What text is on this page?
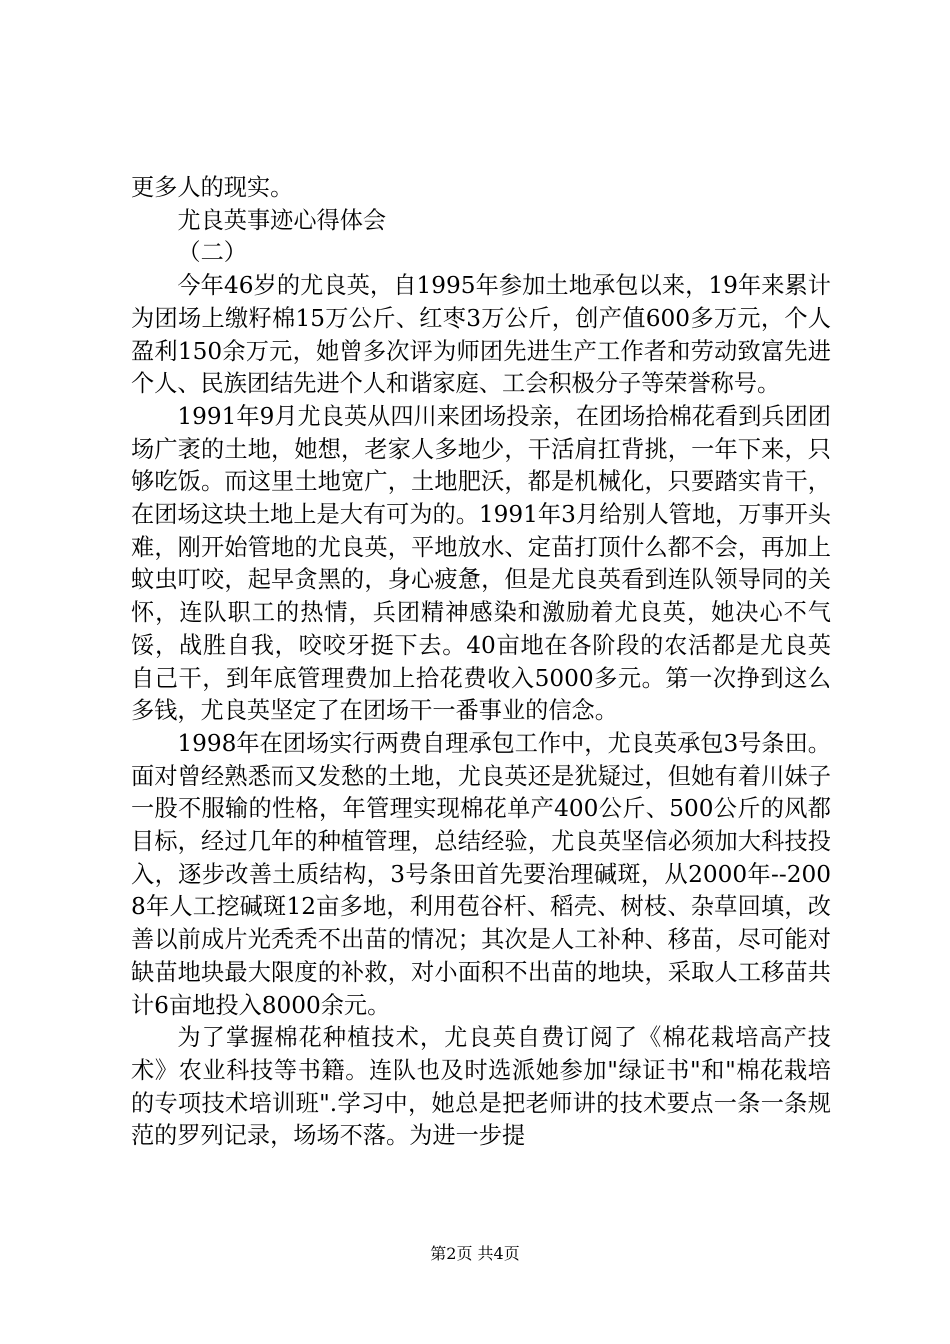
更多人的现实。

尤良英事迹心得体会

（二）

今年46岁的尤良英，自1995年参加土地承包以来，19年来累计为团场上缴籽棉15万公斤、红枣3万公斤，创产值600多万元，个人盈利150余万元，她曾多次评为师团先进生产工作者和劳动致富先进个人、民族团结先进个人和谐家庭、工会积极分子等荣誉称号。

1991年9月尤良英从四川来团场投亲，在团场拾棉花看到兵团团场广袤的土地，她想，老家人多地少，干活肩扛背挑，一年下来，只够吃饭。而这里土地宽广，土地肥沃，都是机械化，只要踏实肯干，在团场这块土地上是大有可为的。1991年3月给别人管地，万事开头难，刚开始管地的尤良英，平地放水、定苗打顶什么都不会，再加上蚊虫叮咬，起早贪黑的，身心疲惫，但是尤良英看到连队领导同的关怀，连队职工的热情，兵团精神感染和激励着尤良英，她决心不气馁，战胜自我，咬咬牙挺下去。40亩地在各阶段的农活都是尤良英自己干，到年底管理费加上拾花费收入5000多元。第一次挣到这么多钱，尤良英坚定了在团场干一番事业的信念。

1998年在团场实行两费自理承包工作中，尤良英承包3号条田。面对曾经熟悉而又发愁的土地，尤良英还是犹疑过，但她有着川妹子一股不服输的性格，年管理实现棉花单产400公斤、500公斤的风都目标，经过几年的种植管理，总结经验，尤良英坚信必须加大科技投入，逐步改善土质结构，3号条田首先要治理碱斑，从2000年--2008年人工挖碱斑12亩多地，利用苞谷杆、稻壳、树枝、杂草回填，改善以前成片光秃秃不出苗的情况；其次是人工补种、移苗，尽可能对缺苗地块最大限度的补救，对小面积不出苗的地块，采取人工移苗共计6亩地投入8000余元。

为了掌握棉花种植技术，尤良英自费订阅了《棉花栽培高产技术》农业科技等书籍。连队也及时选派她参加"绿证书"和"棉花栽培的专项技术培训班".学习中，她总是把老师讲的技术要点一条一条规范的罗列记录，场场不落。为进一步提

第2页 共4页
